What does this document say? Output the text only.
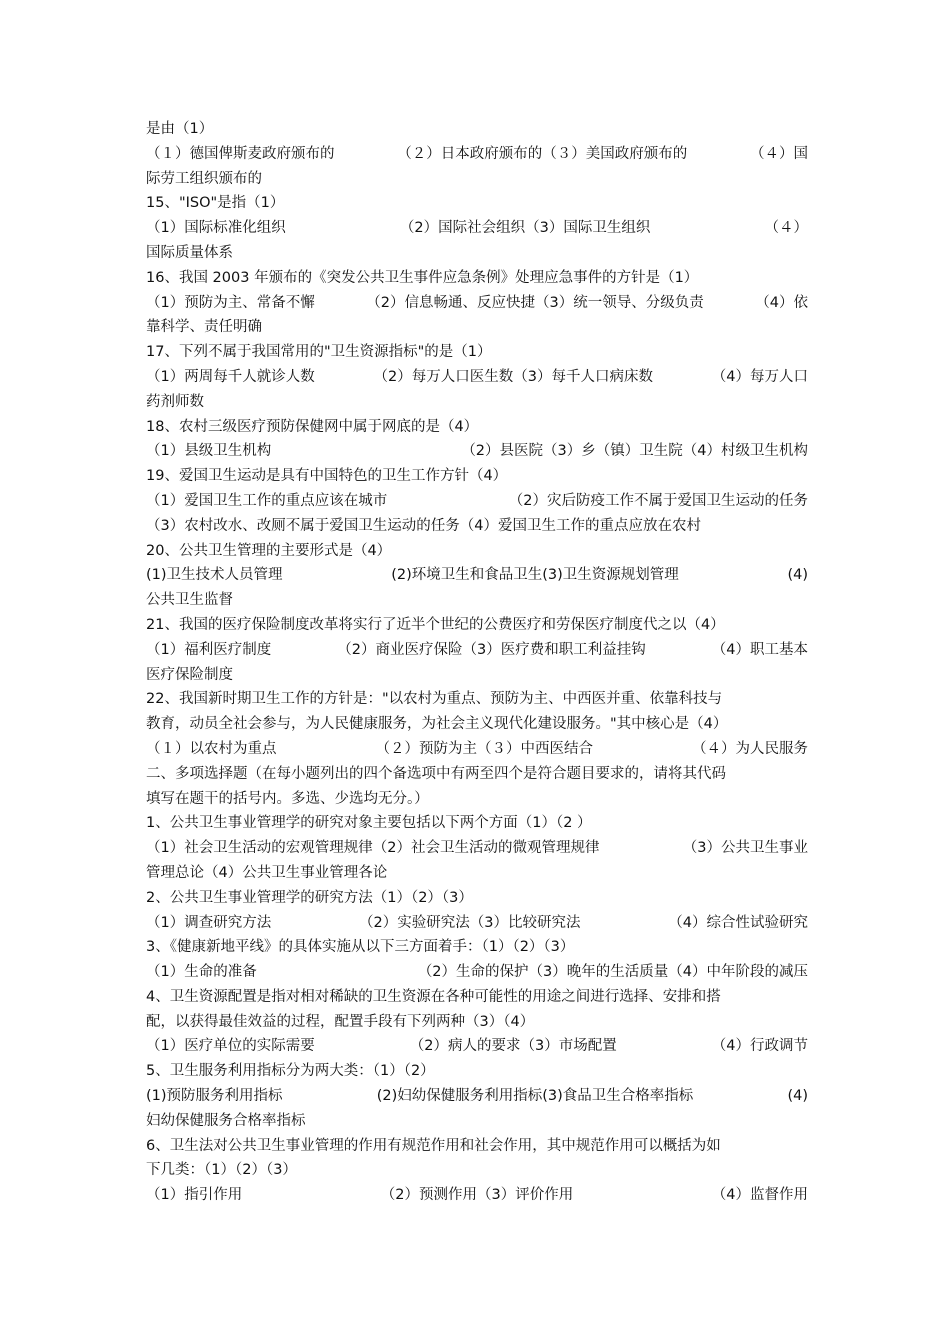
是由（1）
（１）德国俾斯麦政府颁布的	（２）日本政府颁布的（３）美国政府颁布的	（４）国
际劳工组织颁布的
15、"ISO"是指（1）
（1）国际标准化组织	（2）国际社会组织（3）国际卫生组织	（４）
国际质量体系
16、我国 2003 年颁布的《突发公共卫生事件应急条例》处理应急事件的方针是（1）
（1）预防为主、常备不懈	（2）信息畅通、反应快捷（3）统一领导、分级负责	（4）依
靠科学、责任明确
17、下列不属于我国常用的"卫生资源指标"的是（1）
（1）两周每千人就诊人数	（2）每万人口医生数（3）每千人口病床数	（4）每万人口
药剂师数
18、农村三级医疗预防保健网中属于网底的是（4）
（1）县级卫生机构	（2）县医院（3）乡（镇）卫生院（4）村级卫生机构
19、爱国卫生运动是具有中国特色的卫生工作方针（4）
（1）爱国卫生工作的重点应该在城市	（2）灾后防疫工作不属于爱国卫生运动的任务
（3）农村改水、改厕不属于爱国卫生运动的任务（4）爱国卫生工作的重点应放在农村
20、公共卫生管理的主要形式是（4）
(1)卫生技术人员管理	(2)环境卫生和食品卫生(3)卫生资源规划管理	(4)
公共卫生监督
21、我国的医疗保险制度改革将实行了近半个世纪的公费医疗和劳保医疗制度代之以（4）
（1）福利医疗制度	（2）商业医疗保险（3）医疗费和职工利益挂钩	（4）职工基本
医疗保险制度
22、我国新时期卫生工作的方针是："以农村为重点、预防为主、中西医并重、依靠科技与
教育，动员全社会参与，为人民健康服务，为社会主义现代化建设服务。"其中核心是（4）
（１）以农村为重点	（２）预防为主（３）中西医结合	（４）为人民服务
二、多项选择题（在每小题列出的四个备选项中有两至四个是符合题目要求的，请将其代码
填写在题干的括号内。多选、少选均无分。）
1、公共卫生事业管理学的研究对象主要包括以下两个方面（1）（2 ）
（1）社会卫生活动的宏观管理规律（2）社会卫生活动的微观管理规律	（3）公共卫生事业
管理总论（4）公共卫生事业管理各论
2、公共卫生事业管理学的研究方法（1）（2）（3）
（1）调查研究方法	（2）实验研究法（3）比较研究法	（4）综合性试验研究
3、《健康新地平线》的具体实施从以下三方面着手：（1）（2）（3）
（1）生命的准备	（2）生命的保护（3）晚年的生活质量（4）中年阶段的减压
4、卫生资源配置是指对相对稀缺的卫生资源在各种可能性的用途之间进行选择、安排和搭
配，以获得最佳效益的过程，配置手段有下列两种（3）（4）
（1）医疗单位的实际需要	（2）病人的要求（3）市场配置	（4）行政调节
5、卫生服务利用指标分为两大类：（1）（2）
(1)预防服务利用指标	(2)妇幼保健服务利用指标(3)食品卫生合格率指标	(4)
妇幼保健服务合格率指标
6、卫生法对公共卫生事业管理的作用有规范作用和社会作用，其中规范作用可以概括为如
下几类：（1）（2）（3）
（1）指引作用	（2）预测作用（3）评价作用	（4）监督作用
